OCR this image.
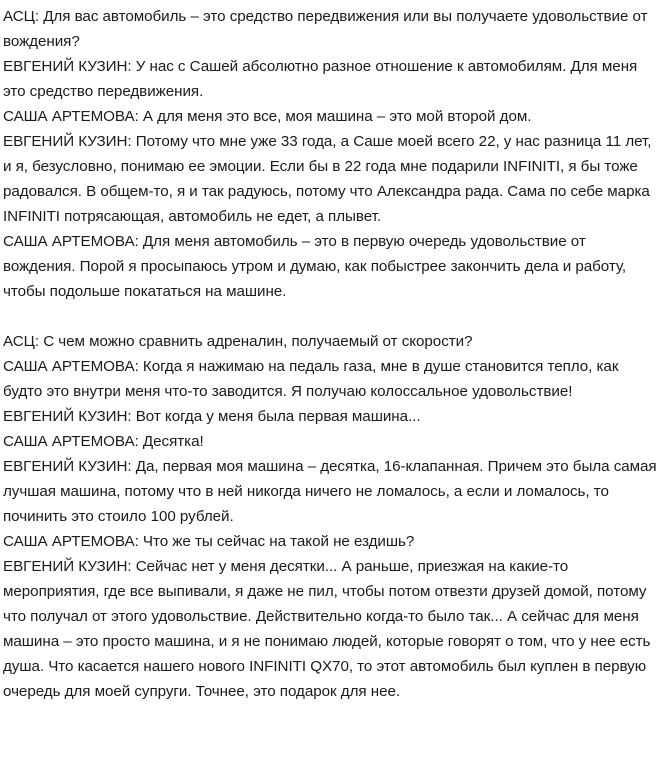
АСЦ: Для вас автомобиль – это средство передвижения или вы получаете удовольствие от вождения?

ЕВГЕНИЙ КУЗИН: У нас с Сашей абсолютно разное отношение к автомобилям. Для меня это средство передвижения.

САША АРТЕМОВА: А для меня это все, моя машина – это мой второй дом.

ЕВГЕНИЙ КУЗИН: Потому что мне уже 33 года, а Саше моей всего 22, у нас разница 11 лет, и я, безусловно, понимаю ее эмоции. Если бы в 22 года мне подарили INFINITI, я бы тоже радовался. В общем-то, я и так радуюсь, потому что Александра рада. Сама по себе марка INFINITI потрясающая, автомобиль не едет, а плывет.

САША АРТЕМОВА: Для меня автомобиль – это в первую очередь удовольствие от вождения. Порой я просыпаюсь утром и думаю, как побыстрее закончить дела и работу, чтобы подольше покататься на машине.

АСЦ: С чем можно сравнить адреналин, получаемый от скорости?

САША АРТЕМОВА: Когда я нажимаю на педаль газа, мне в душе становится тепло, как будто это внутри меня что-то заводится. Я получаю колоссальное удовольствие!

ЕВГЕНИЙ КУЗИН: Вот когда у меня была первая машина...

САША АРТЕМОВА: Десятка!

ЕВГЕНИЙ КУЗИН: Да, первая моя машина – десятка, 16-клапанная. Причем это была самая лучшая машина, потому что в ней никогда ничего не ломалось, а если и ломалось, то починить это стоило 100 рублей.

САША АРТЕМОВА: Что же ты сейчас на такой не ездишь?

ЕВГЕНИЙ КУЗИН: Сейчас нет у меня десятки... А раньше, приезжая на какие-то мероприятия, где все выпивали, я даже не пил, чтобы потом отвезти друзей домой, потому что получал от этого удовольствие. Действительно когда-то было так... А сейчас для меня машина – это просто машина, и я не понимаю людей, которые говорят о том, что у нее есть душа. Что касается нашего нового INFINITI QX70, то этот автомобиль был куплен в первую очередь для моей супруги. Точнее, это подарок для нее.
